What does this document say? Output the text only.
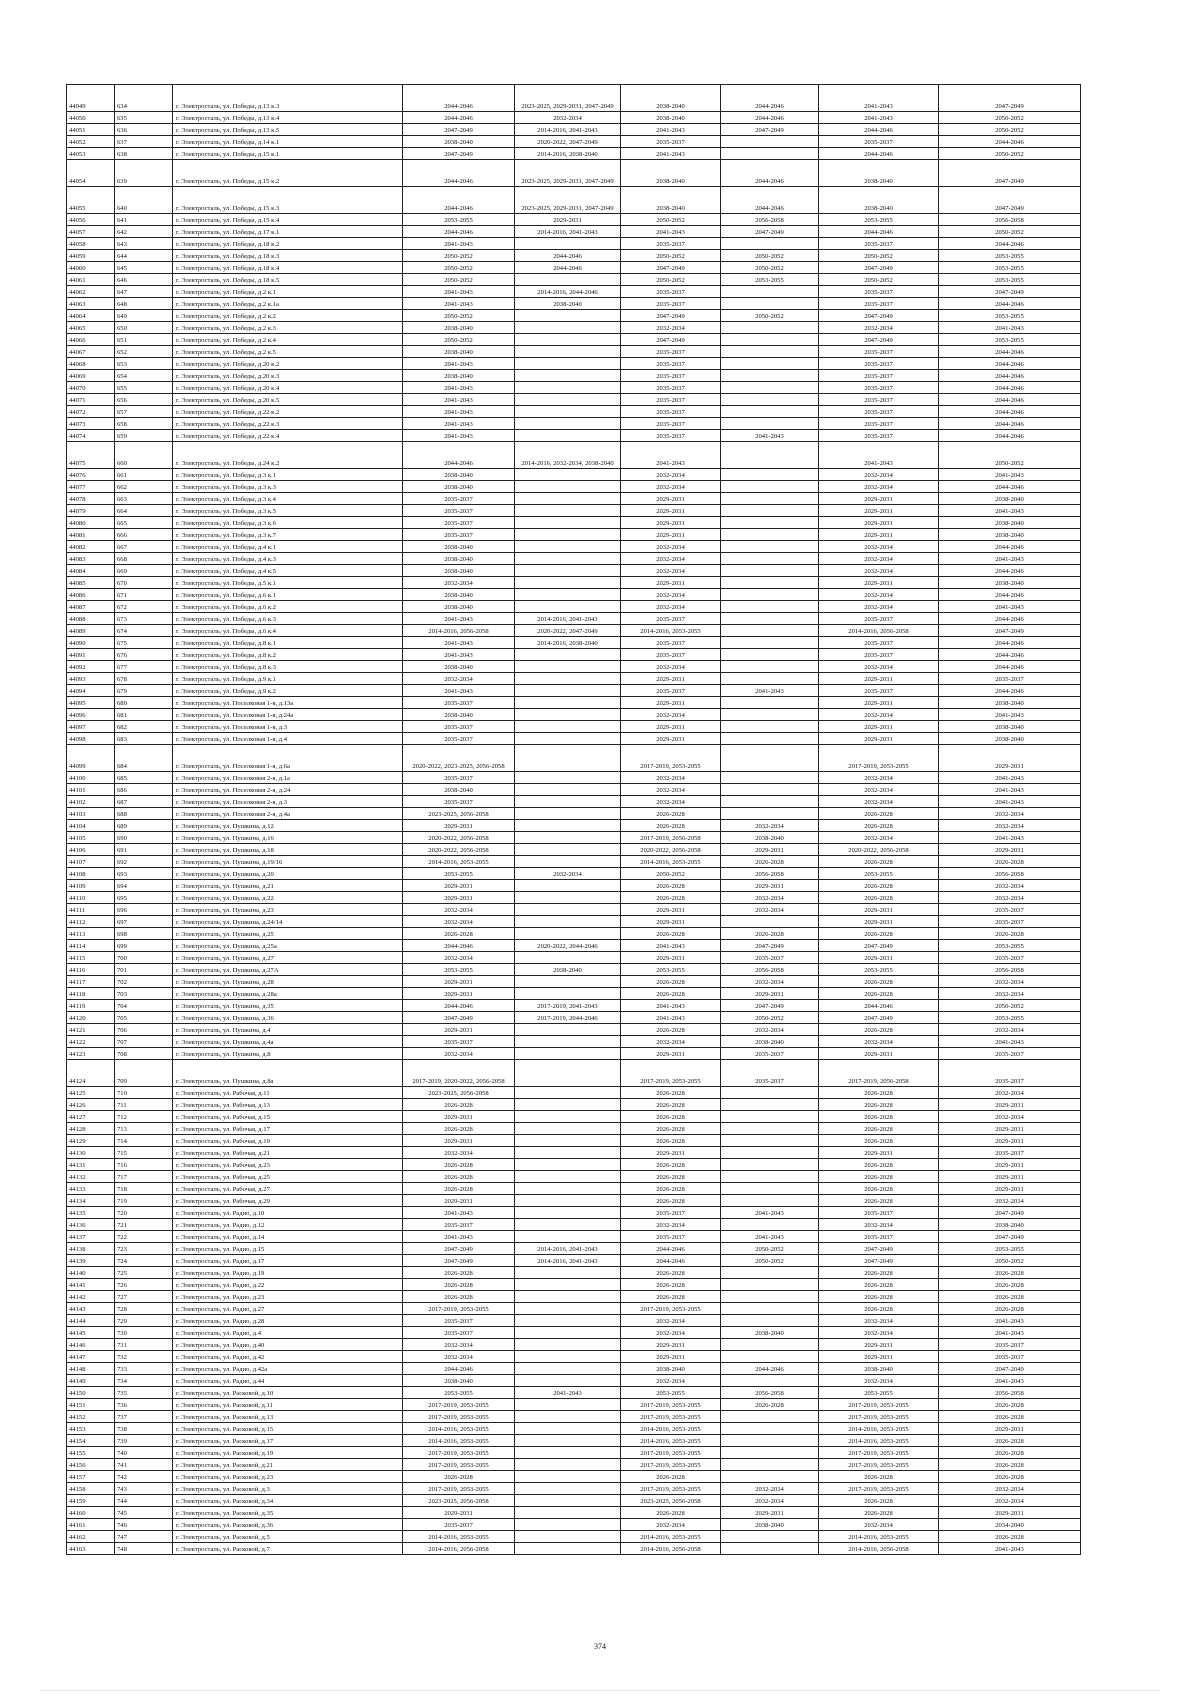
44049	634	г. Электросталь, ул. Победы, д.13 к.3	2044-2046	2023-2025, 2029-2031, 2047-2049	2038-2040	2044-2046	2041-2043	2047-2049
44050	635	г. Электросталь, ул. Победы, д.13 к.4	2044-2046	2032-2034	2038-2040	2044-2046	2041-2043	2050-2052
44051	636	г. Электросталь, ул. Победы, д.13 к.5	2047-2049	2014-2016, 2041-2043	2041-2043	2047-2049	2044-2046	2050-2052
44052	637	г. Электросталь, ул. Победы, д.14 к.1	2038-2040	2020-2022, 2047-2049	2035-2037		2035-2037	2044-2046
44053	638	г. Электросталь, ул. Победы, д.15 к.1	2047-2049	2014-2016, 2038-2040	2041-2043		2044-2046	2050-2052
44054	639	г. Электросталь, ул. Победы, д.15 к.2	2044-2046	2023-2025, 2029-2031, 2047-2049	2038-2040	2044-2046	2038-2040	2047-2049
44055	640	г. Электросталь, ул. Победы, д.15 к.3	2044-2046	2023-2025, 2029-2031, 2047-2049	2038-2040	2044-2046	2038-2040	2047-2049
44056	641	г. Электросталь, ул. Победы, д.15 к.4	2053-2055	2029-2031	2050-2052	2056-2058	2053-2055	2056-2058
44057	642	г. Электросталь, ул. Победы, д.17 к.1	2044-2046	2014-2016, 2041-2043	2041-2043	2047-2049	2044-2046	2050-2052
44058	643	г. Электросталь, ул. Победы, д.18 к.2	2041-2043		2035-2037		2035-2037	2044-2046
44059	644	г. Электросталь, ул. Победы, д.18 к.3	2050-2052	2044-2046	2050-2052	2050-2052	2050-2052	2053-2055
44060	645	г. Электросталь, ул. Победы, д.18 к.4	2050-2052	2044-2046	2047-2049	2050-2052	2047-2049	2053-2055
44061	646	г. Электросталь, ул. Победы, д.18 к.5	2050-2052		2050-2052	2053-2055	2050-2052	2053-2055
44062	647	г. Электросталь, ул. Победы, д.2 к.1	2041-2043	2014-2016, 2044-2046	2035-2037		2035-2037	2047-2049
44063	648	г. Электросталь, ул. Победы, д.2 к.1а	2041-2043	2038-2040	2035-2037		2035-2037	2044-2046
44064	649	г. Электросталь, ул. Победы, д.2 к.2	2050-2052		2047-2049	2050-2052	2047-2049	2053-2055
44065	650	г. Электросталь, ул. Победы, д.2 к.3	2038-2040		2032-2034		2032-2034	2041-2043
44066	651	г. Электросталь, ул. Победы, д.2 к.4	2050-2052		2047-2049		2047-2049	2053-2055
44067	652	г. Электросталь, ул. Победы, д.2 к.5	2038-2040		2035-2037		2035-2037	2044-2046
44068	653	г. Электросталь, ул. Победы, д.20 к.2	2041-2043		2035-2037		2035-2037	2044-2046
44069	654	г. Электросталь, ул. Победы, д.20 к.3	2038-2040		2035-2037		2035-2037	2044-2046
44070	655	г. Электросталь, ул. Победы, д.20 к.4	2041-2043		2035-2037		2035-2037	2044-2046
44071	656	г. Электросталь, ул. Победы, д.20 к.5	2041-2043		2035-2037		2035-2037	2044-2046
44072	657	г. Электросталь, ул. Победы, д.22 к.2	2041-2043		2035-2037		2035-2037	2044-2046
44073	658	г. Электросталь, ул. Победы, д.22 к.3	2041-2043		2035-2037		2035-2037	2044-2046
44074	659	г. Электросталь, ул. Победы, д.22 к.4	2041-2043		2035-2037	2041-2043	2035-2037	2044-2046
44075	660	г. Электросталь, ул. Победы, д.24 к.2	2044-2046	2014-2016, 2032-2034, 2038-2040	2041-2043		2041-2043	2050-2052
44076	661	г. Электросталь, ул. Победы, д.3 к.1	2038-2040		2032-2034		2032-2034	2041-2043
44077	662	г. Электросталь, ул. Победы, д.3 к.3	2038-2040		2032-2034		2032-2034	2044-2046
44078	663	г. Электросталь, ул. Победы, д.3 к.4	2035-2037		2029-2031		2029-2031	2038-2040
44079	664	г. Электросталь, ул. Победы, д.3 к.5	2035-2037		2029-2031		2029-2031	2041-2043
44080	665	г. Электросталь, ул. Победы, д.3 к.6	2035-2037		2029-2031		2029-2031	2038-2040
44081	666	г. Электросталь, ул. Победы, д.3 к.7	2035-2037		2029-2031		2029-2031	2038-2040
44082	667	г. Электросталь, ул. Победы, д.4 к.1	2038-2040		2032-2034		2032-2034	2044-2046
44083	668	г. Электросталь, ул. Победы, д.4 к.3	2038-2040		2032-2034		2032-2034	2041-2043
44084	669	г. Электросталь, ул. Победы, д.4 к.5	2038-2040		2032-2034		2032-2034	2044-2046
44085	670	г. Электросталь, ул. Победы, д.5 к.1	2032-2034		2029-2031		2029-2031	2038-2040
44086	671	г. Электросталь, ул. Победы, д.6 к.1	2038-2040		2032-2034		2032-2034	2044-2046
44087	672	г. Электросталь, ул. Победы, д.6 к.2	2038-2040		2032-2034		2032-2034	2041-2043
44088	673	г. Электросталь, ул. Победы, д.6 к.3	2041-2043	2014-2016, 2041-2043	2035-2037		2035-2037	2044-2046
44089	674	г. Электросталь, ул. Победы, д.6 к.4	2014-2016, 2056-2058	2020-2022, 2047-2049	2014-2016, 2053-2055		2014-2016, 2056-2058	2047-2049
44090	675	г. Электросталь, ул. Победы, д.8 к.1	2041-2043	2014-2016, 2038-2040	2035-2037		2035-2037	2044-2046
44091	676	г. Электросталь, ул. Победы, д.8 к.2	2041-2043		2035-2037		2035-2037	2044-2046
44092	677	г. Электросталь, ул. Победы, д.8 к.3	2038-2040		2032-2034		2032-2034	2044-2046
44093	678	г. Электросталь, ул. Победы, д.9 к.1	2032-2034		2029-2031		2029-2031	2035-2037
44094	679	г. Электросталь, ул. Победы, д.9 к.2	2041-2043		2035-2037	2041-2043	2035-2037	2044-2046
44095	680	г. Электросталь, ул. Поселковая 1-я, д.13а	2035-2037		2029-2031		2029-2031	2038-2040
44096	681	г. Электросталь, ул. Поселковая 1-я, д.24а	2038-2040		2032-2034		2032-2034	2041-2043
44097	682	г. Электросталь, ул. Поселковая 1-я, д.3	2035-2037		2029-2031		2029-2031	2038-2040
44098	683	г. Электросталь, ул. Поселковая 1-я, д.4	2035-2037		2029-2031		2029-2031	2038-2040
44099	684	г. Электросталь, ул. Поселковая 1-я, д.6а	2020-2022, 2023-2025, 2056-2058		2017-2019, 2053-2055		2017-2019, 2053-2055	2029-2031
44100	685	г. Электросталь, ул. Поселковая 2-я, д.1а	2035-2037		2032-2034		2032-2034	2041-2043
44101	686	г. Электросталь, ул. Поселковая 2-я, д.24	2038-2040		2032-2034		2032-2034	2041-2043
44102	687	г. Электросталь, ул. Поселковая 2-я, д.3	2035-2037		2032-2034		2032-2034	2041-2043
44103	688	г. Электросталь, ул. Поселковая 2-я, д.4а	2023-2025, 2056-2058		2026-2028		2026-2028	2032-2034
44104	689	г. Электросталь, ул. Пушкина, д.12	2029-2031		2026-2028	2032-2034	2026-2028	2032-2034
44105	690	г. Электросталь, ул. Пушкина, д.16	2020-2022, 2056-2058		2017-2019, 2056-2058	2038-2040	2032-2034	2041-2043
44106	691	г. Электросталь, ул. Пушкина, д.18	2020-2022, 2056-2058		2020-2022, 2056-2058	2029-2031	2020-2022, 2056-2058	2029-2031
44107	692	г. Электросталь, ул. Пушкина, д.19/16	2014-2016, 2053-2055		2014-2016, 2053-2055	2026-2028	2026-2028	2026-2028
44108	693	г. Электросталь, ул. Пушкина, д.20	2053-2055	2032-2034	2050-2052	2056-2058	2053-2055	2056-2058
44109	694	г. Электросталь, ул. Пушкина, д.21	2029-2031		2026-2028	2029-2031	2026-2028	2032-2034
44110	695	г. Электросталь, ул. Пушкина, д.22	2029-2031		2026-2028	2032-2034	2026-2028	2032-2034
44111	696	г. Электросталь, ул. Пушкина, д.23	2032-2034		2029-2031	2032-2034	2029-2031	2035-2037
44112	697	г. Электросталь, ул. Пушкина, д.24/14	2032-2034		2029-2031		2029-2031	2035-2037
44113	698	г. Электросталь, ул. Пушкина, д.25	2026-2028		2026-2028	2026-2028	2026-2028	2026-2028
44114	699	г. Электросталь, ул. Пушкина, д.25а	2044-2046	2020-2022, 2044-2046	2041-2043	2047-2049	2047-2049	2053-2055
44115	700	г. Электросталь, ул. Пушкина, д.27	2032-2034		2029-2031	2035-2037	2029-2031	2035-2037
44116	701	г. Электросталь, ул. Пушкина, д.27А	2053-2055	2038-2040	2053-2055	2056-2058	2053-2055	2056-2058
44117	702	г. Электросталь, ул. Пушкина, д.28	2029-2031		2026-2028	2032-2034	2026-2028	2032-2034
44118	703	г. Электросталь, ул. Пушкина, д.28а	2029-2031		2026-2028	2029-2031	2026-2028	2032-2034
44119	704	г. Электросталь, ул. Пушкина, д.35	2044-2046	2017-2019, 2041-2043	2041-2043	2047-2049	2044-2046	2050-2052
44120	705	г. Электросталь, ул. Пушкина, д.36	2047-2049	2017-2019, 2044-2046	2041-2043	2050-2052	2047-2049	2053-2055
44121	706	г. Электросталь, ул. Пушкина, д.4	2029-2031		2026-2028	2032-2034	2026-2028	2032-2034
44122	707	г. Электросталь, ул. Пушкина, д.4а	2035-2037		2032-2034	2038-2040	2032-2034	2041-2043
44123	708	г. Электросталь, ул. Пушкина, д.8	2032-2034		2029-2031	2035-2037	2029-2031	2035-2037
44124	709	г. Электросталь, ул. Пушкина, д.8а	2017-2019, 2020-2022, 2056-2058		2017-2019, 2053-2055	2035-2037	2017-2019, 2056-2058	2035-2037
44125	710	г. Электросталь, ул. Рабочая, д.11	2023-2025, 2056-2058		2026-2028		2026-2028	2032-2034
44126	711	г. Электросталь, ул. Рабочая, д.13	2026-2028		2026-2028		2026-2028	2029-2031
44127	712	г. Электросталь, ул. Рабочая, д.15	2029-2031		2026-2028		2026-2028	2032-2034
44128	713	г. Электросталь, ул. Рабочая, д.17	2026-2028		2026-2028		2026-2028	2029-2031
44129	714	г. Электросталь, ул. Рабочая, д.19	2029-2031		2026-2028		2026-2028	2029-2031
44130	715	г. Электросталь, ул. Рабочая, д.21	2032-2034		2029-2031		2029-2031	2035-2037
44131	716	г. Электросталь, ул. Рабочая, д.23	2026-2028		2026-2028		2026-2028	2029-2031
44132	717	г. Электросталь, ул. Рабочая, д.25	2026-2028		2026-2028		2026-2028	2029-2031
44133	718	г. Электросталь, ул. Рабочая, д.27	2026-2028		2026-2028		2026-2028	2029-2031
44134	719	г. Электросталь, ул. Рабочая, д.29	2029-2031		2026-2028		2026-2028	2032-2034
44135	720	г. Электросталь, ул. Радио, д.10	2041-2043		2035-2037	2041-2043	2035-2037	2047-2049
44136	721	г. Электросталь, ул. Радио, д.12	2035-2037		2032-2034		2032-2034	2038-2040
44137	722	г. Электросталь, ул. Радио, д.14	2041-2043		2035-2037	2041-2043	2035-2037	2047-2049
44138	723	г. Электросталь, ул. Радио, д.15	2047-2049	2014-2016, 2041-2043	2044-2046	2050-2052	2047-2049	2053-2055
44139	724	г. Электросталь, ул. Радио, д.17	2047-2049	2014-2016, 2041-2043	2044-2046	2050-2052	2047-2049	2050-2052
44140	725	г. Электросталь, ул. Радио, д.19	2026-2028		2026-2028		2026-2028	2026-2028
44141	726	г. Электросталь, ул. Радио, д.22	2026-2028		2026-2028		2026-2028	2026-2028
44142	727	г. Электросталь, ул. Радио, д.23	2026-2028		2026-2028		2026-2028	2026-2028
44143	728	г. Электросталь, ул. Радио, д.27	2017-2019, 2053-2055		2017-2019, 2053-2055		2026-2028	2026-2028
44144	729	г. Электросталь, ул. Радио, д.28	2035-2037		2032-2034		2032-2034	2041-2043
44145	730	г. Электросталь, ул. Радио, д.4	2035-2037		2032-2034	2038-2040	2032-2034	2041-2043
44146	731	г. Электросталь, ул. Радио, д.40	2032-2034		2029-2031		2029-2031	2035-2037
44147	732	г. Электросталь, ул. Радио, д.42	2032-2034		2029-2031		2029-2031	2035-2037
44148	733	г. Электросталь, ул. Радио, д.42а	2044-2046		2038-2040	2044-2046	2038-2040	2047-2049
44149	734	г. Электросталь, ул. Радио, д.44	2038-2040		2032-2034		2032-2034	2041-2043
44150	735	г. Электросталь, ул. Расковой, д.10	2053-2055	2041-2043	2053-2055	2056-2058	2053-2055	2056-2058
44151	736	г. Электросталь, ул. Расковой, д.11	2017-2019, 2053-2055		2017-2019, 2053-2055	2026-2028	2017-2019, 2053-2055	2026-2028
44152	737	г. Электросталь, ул. Расковой, д.13	2017-2019, 2053-2055		2017-2019, 2053-2055		2017-2019, 2053-2055	2026-2028
44153	738	г. Электросталь, ул. Расковой, д.15	2014-2016, 2053-2055		2014-2016, 2053-2055		2014-2016, 2053-2055	2029-2031
44154	739	г. Электросталь, ул. Расковой, д.17	2014-2016, 2053-2055		2014-2016, 2053-2055		2014-2016, 2053-2055	2026-2028
44155	740	г. Электросталь, ул. Расковой, д.19	2017-2019, 2053-2055		2017-2019, 2053-2055		2017-2019, 2053-2055	2026-2028
44156	741	г. Электросталь, ул. Расковой, д.21	2017-2019, 2053-2055		2017-2019, 2053-2055		2017-2019, 2053-2055	2026-2028
44157	742	г. Электросталь, ул. Расковой, д.23	2026-2028		2026-2028		2026-2028	2026-2028
44158	743	г. Электросталь, ул. Расковой, д.3	2017-2019, 2053-2055		2017-2019, 2053-2055	2032-2034	2017-2019, 2053-2055	2032-2034
44159	744	г. Электросталь, ул. Расковой, д.34	2023-2025, 2056-2058		2023-2025, 2056-2058	2032-2034	2026-2028	2032-2034
44160	745	г. Электросталь, ул. Расковой, д.35	2029-2031		2026-2028	2029-2031	2026-2028	2029-2031
44161	746	г. Электросталь, ул. Расковой, д.36	2035-2037		2032-2034	2038-2040	2032-2034	2034-2040
44162	747	г. Электросталь, ул. Расковой, д.5	2014-2016, 2053-2055		2014-2016, 2053-2055		2014-2016, 2053-2055	2026-2028
44163	748	г. Электросталь, ул. Расковой, д.7	2014-2016, 2056-2058		2014-2016, 2056-2058		2014-2016, 2056-2058	2041-2043
374
